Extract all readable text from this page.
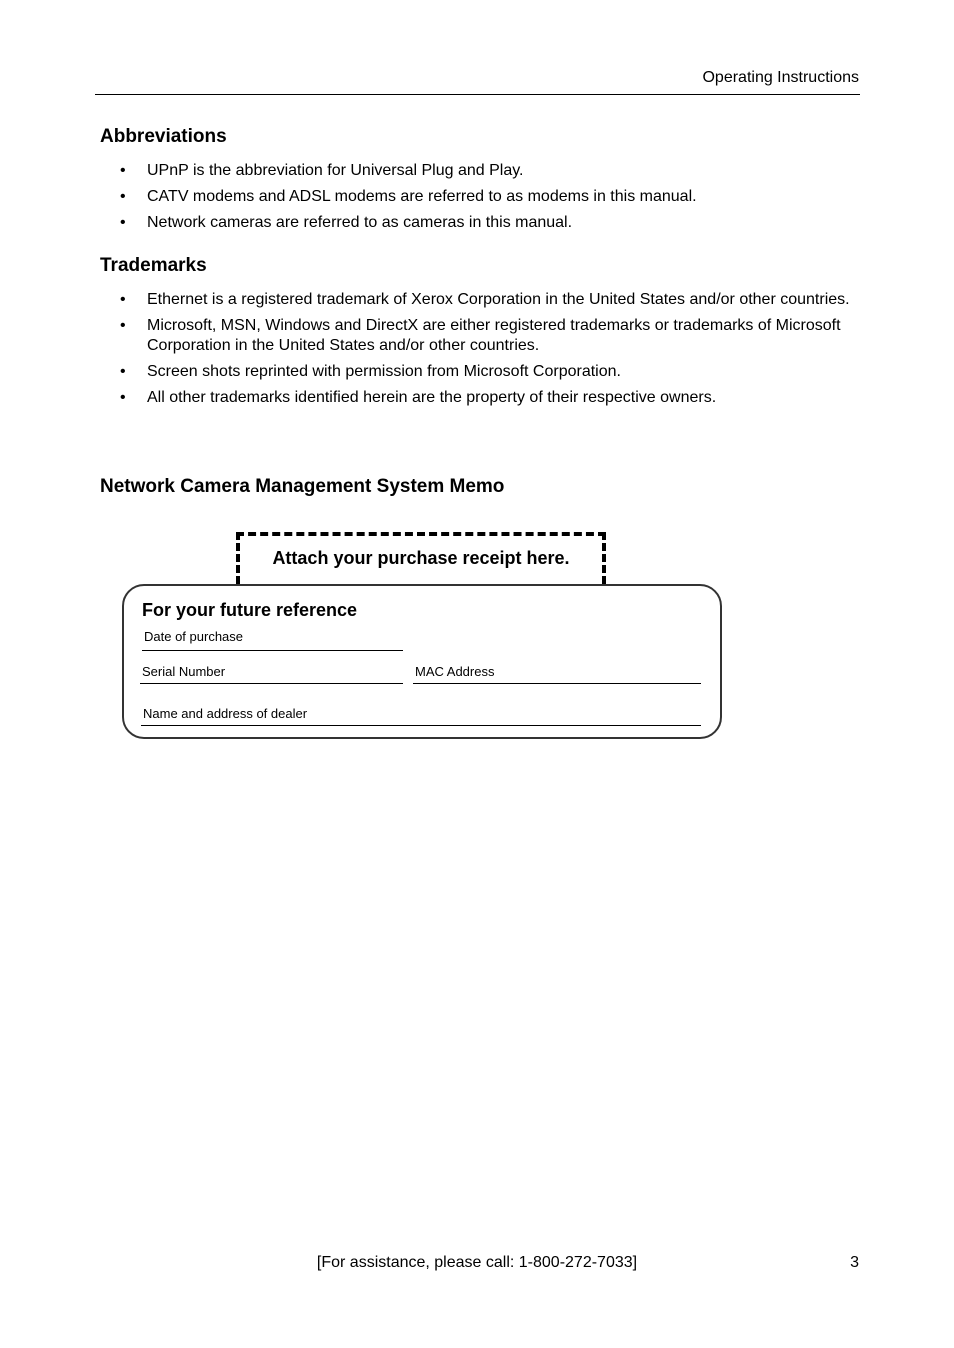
Operating Instructions
Abbreviations
• UPnP is the abbreviation for Universal Plug and Play.
• CATV modems and ADSL modems are referred to as modems in this manual.
• Network cameras are referred to as cameras in this manual.
Trademarks
• Ethernet is a registered trademark of Xerox Corporation in the United States and/or other countries.
• Microsoft, MSN, Windows and DirectX are either registered trademarks or trademarks of Microsoft Corporation in the United States and/or other countries.
• Screen shots reprinted with permission from Microsoft Corporation.
• All other trademarks identified herein are the property of their respective owners.
Network Camera Management System Memo
For your future reference
Date of purchase
Serial Number	MAC Address
Name and address of dealer
Attach your purchase receipt here.
[For assistance, please call: 1-800-272-7033]	3
